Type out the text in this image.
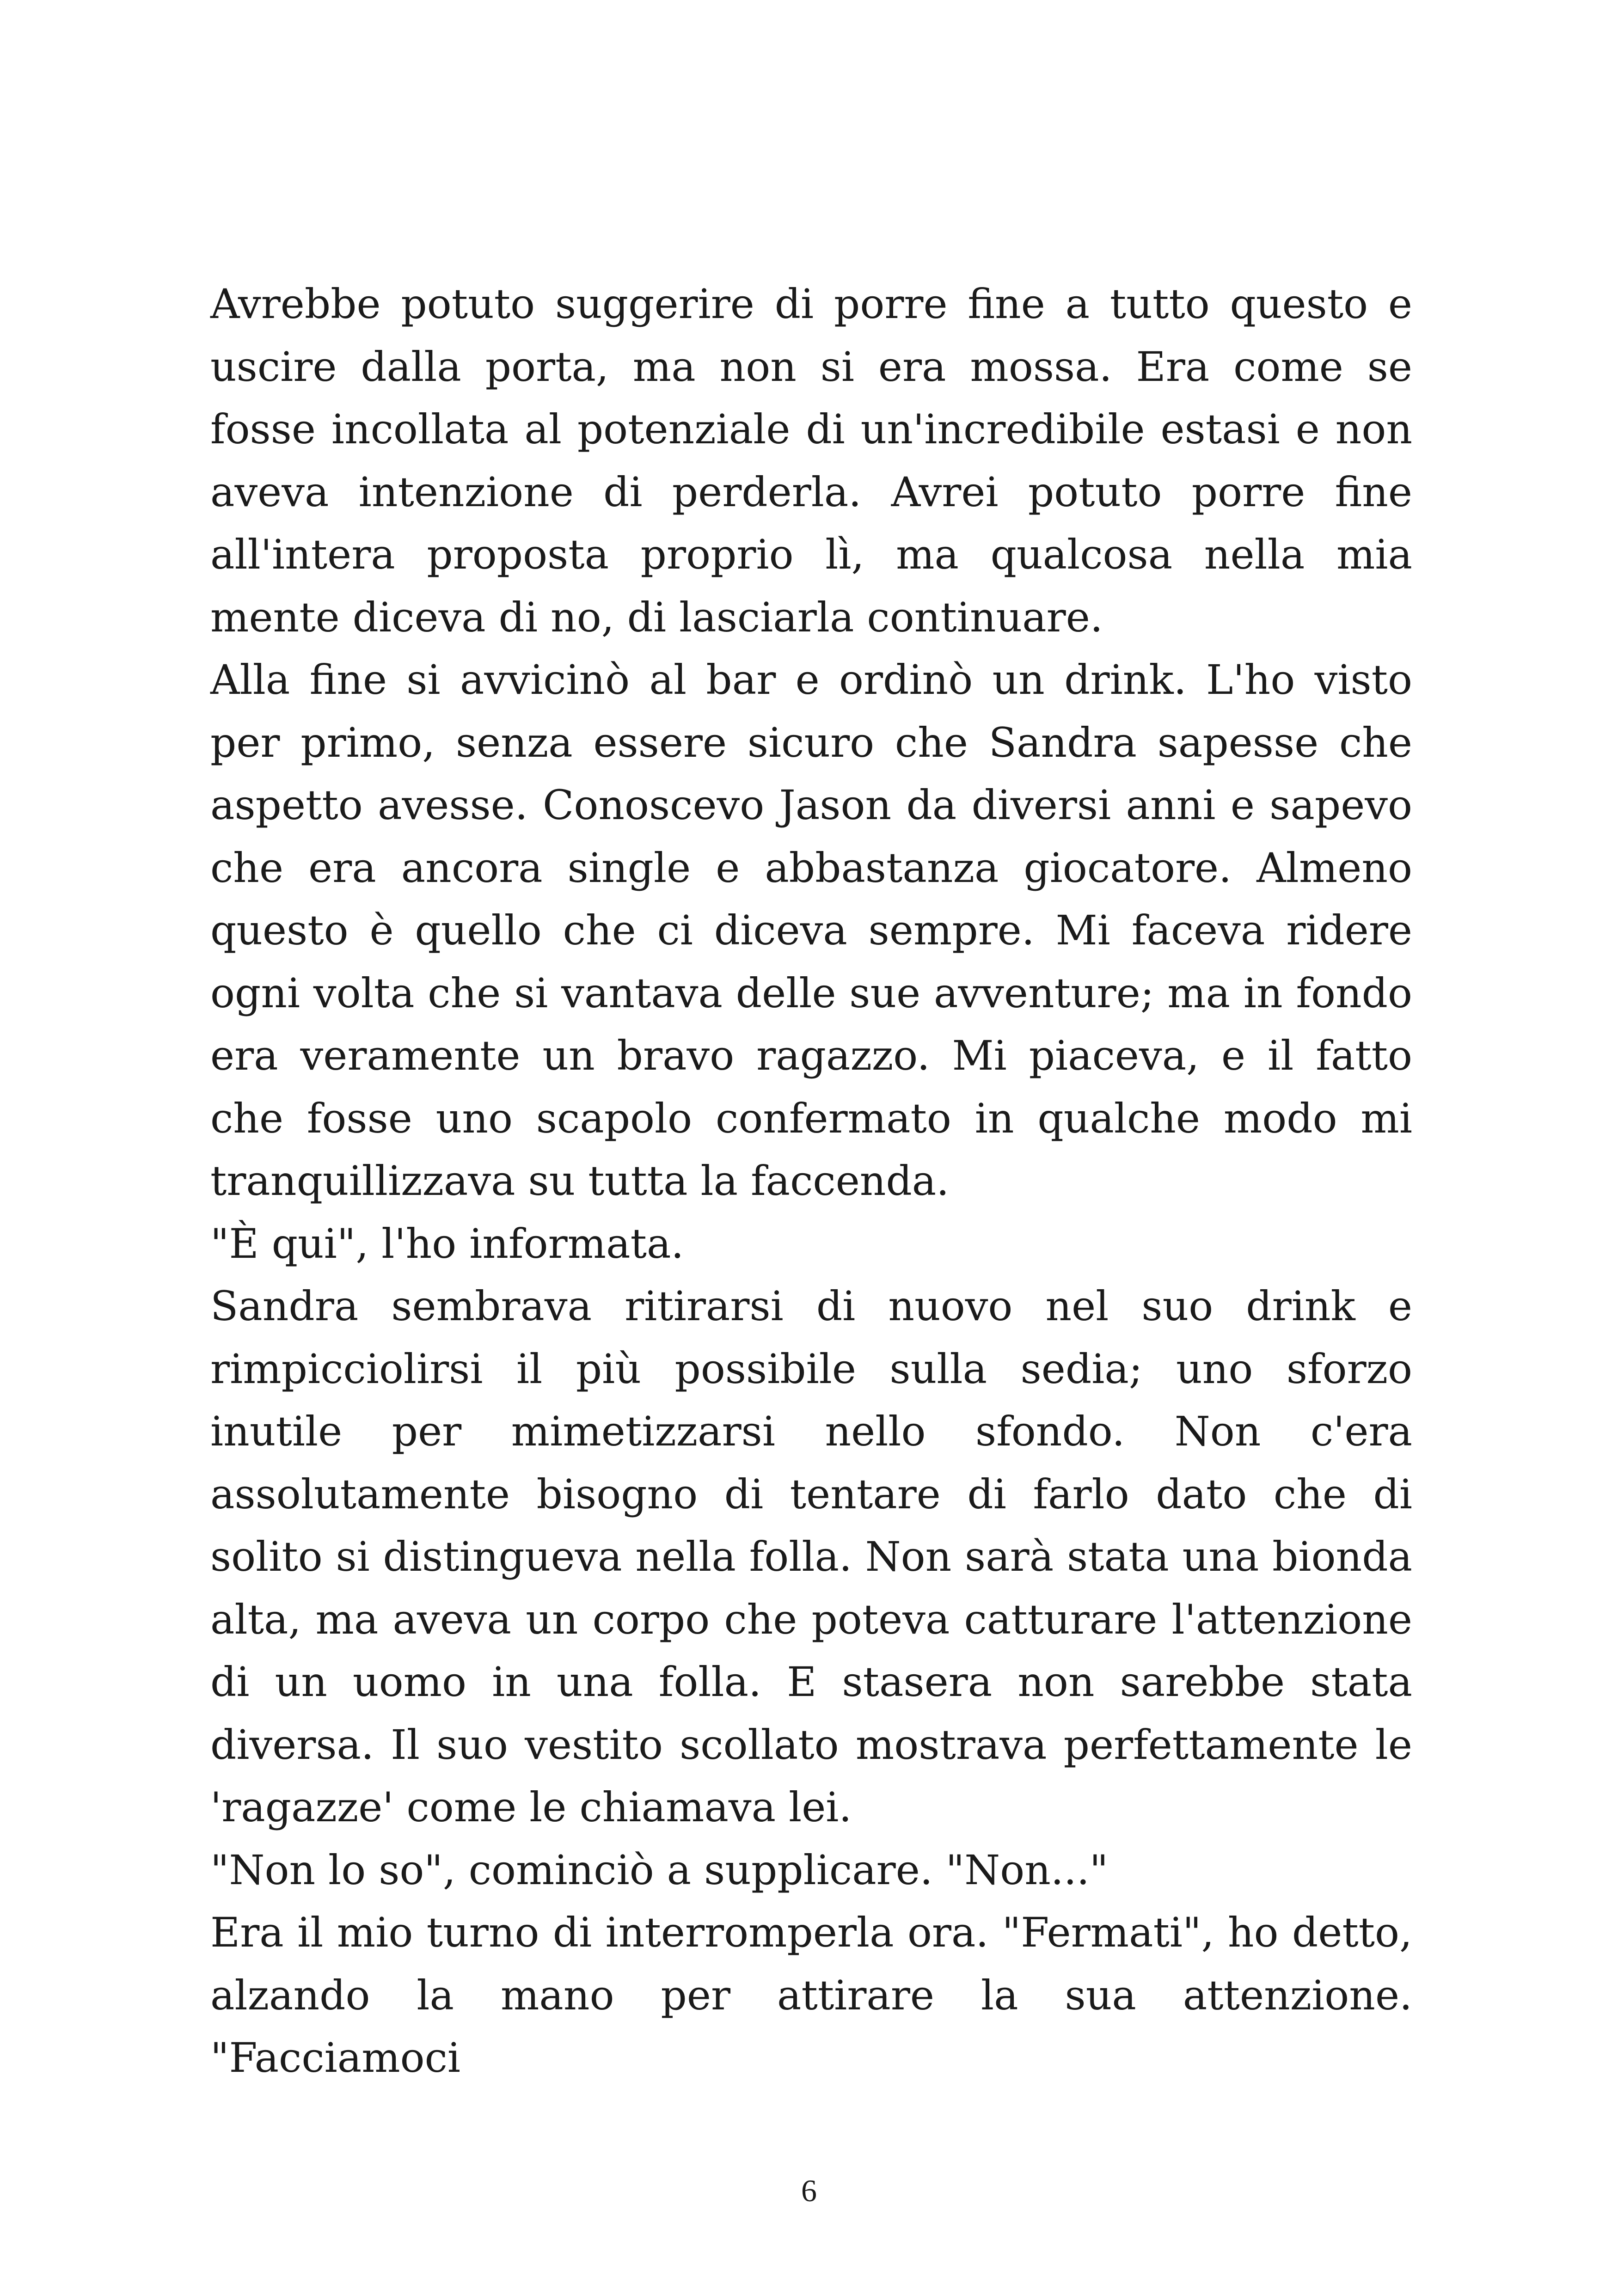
Avrebbe potuto suggerire di porre fine a tutto questo e uscire dalla porta, ma non si era mossa. Era come se fosse incollata al potenziale di un'incredibile estasi e non aveva intenzione di perderla. Avrei potuto porre fine all'intera proposta proprio lì, ma qualcosa nella mia mente diceva di no, di lasciarla continuare.

Alla fine si avvicinò al bar e ordinò un drink. L'ho visto per primo, senza essere sicuro che Sandra sapesse che aspetto avesse. Conoscevo Jason da diversi anni e sapevo che era ancora single e abbastanza giocatore. Almeno questo è quello che ci diceva sempre. Mi faceva ridere ogni volta che si vantava delle sue avventure; ma in fondo era veramente un bravo ragazzo. Mi piaceva, e il fatto che fosse uno scapolo confermato in qualche modo mi tranquillizzava su tutta la faccenda.

"È qui", l'ho informata.

Sandra sembrava ritirarsi di nuovo nel suo drink e rimpicciolirsi il più possibile sulla sedia; uno sforzo inutile per mimetizzarsi nello sfondo. Non c'era assolutamente bisogno di tentare di farlo dato che di solito si distingueva nella folla. Non sarà stata una bionda alta, ma aveva un corpo che poteva catturare l'attenzione di un uomo in una folla. E stasera non sarebbe stata diversa. Il suo vestito scollato mostrava perfettamente le 'ragazze' come le chiamava lei.

"Non lo so", cominciò a supplicare. "Non..."

Era il mio turno di interromperla ora. "Fermati", ho detto, alzando la mano per attirare la sua attenzione. "Facciamoci

6
